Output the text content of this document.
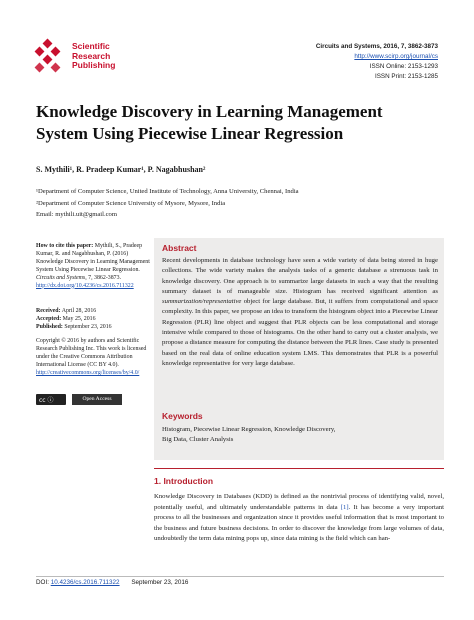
Scientific
Research
Publishing
Circuits and Systems, 2016, 7, 3862-3873
http://www.scirp.org/journal/cs
ISSN Online: 2153-1293
ISSN Print: 2153-1285
Knowledge Discovery in Learning Management
System Using Piecewise Linear Regression
S. Mythili¹, R. Pradeep Kumar¹, P. Nagabhushan²
¹Department of Computer Science, United Institute of Technology, Anna University, Chennai, India
²Department of Computer Science University of Mysore, Mysore, India
Email: mythili.uit@gmail.com
How to cite this paper: Mythili, S., Pradeep Kumar, R. and Nagabhushan, P. (2016) Knowledge Discovery in Learning Management System Using Piecewise Linear Regression. Circuits and Systems, 7, 3862-3873. http://dx.doi.org/10.4236/cs.2016.711322
Received: April 28, 2016
Accepted: May 25, 2016
Published: September 23, 2016
Copyright © 2016 by authors and Scientific Research Publishing Inc. This work is licensed under the Creative Commons Attribution International License (CC BY 4.0). http://creativecommons.org/licenses/by/4.0/
cc ⓘ	Open Access
Abstract
Recent developments in database technology have seen a wide variety of data being stored in huge collections. The wide variety makes the analysis tasks of a generic database a strenuous task in knowledge discovery. One approach is to summarize large datasets in such a way that the resulting summary dataset is of manageable size. Histogram has received significant attention as summarization/representative object for large database. But, it suffers from computational and space complexity. In this paper, we propose an idea to transform the histogram object into a Piecewise Linear Regression (PLR) line object and suggest that PLR objects can be less computational and storage intensive while compared to those of histograms. On the other hand to carry out a cluster analysis, we propose a distance measure for computing the distance between the PLR lines. Case study is presented based on the real data of online education system LMS. This demonstrates that PLR is a powerful knowledge representative for very large database.
Keywords
Histogram, Piecewise Linear Regression, Knowledge Discovery,
Big Data, Cluster Analysis
1. Introduction
Knowledge Discovery in Databases (KDD) is defined as the nontrivial process of identifying valid, novel, potentially useful, and ultimately understandable patterns in data [1]. It has become a very important process to all the businesses and organization since it provides useful information that is most important to the business and future business decisions. In order to discover the knowledge from large volumes of data, undoubtedly the term data mining pops up, since data mining is the field which can han-
DOI: 10.4236/cs.2016.711322 September 23, 2016
